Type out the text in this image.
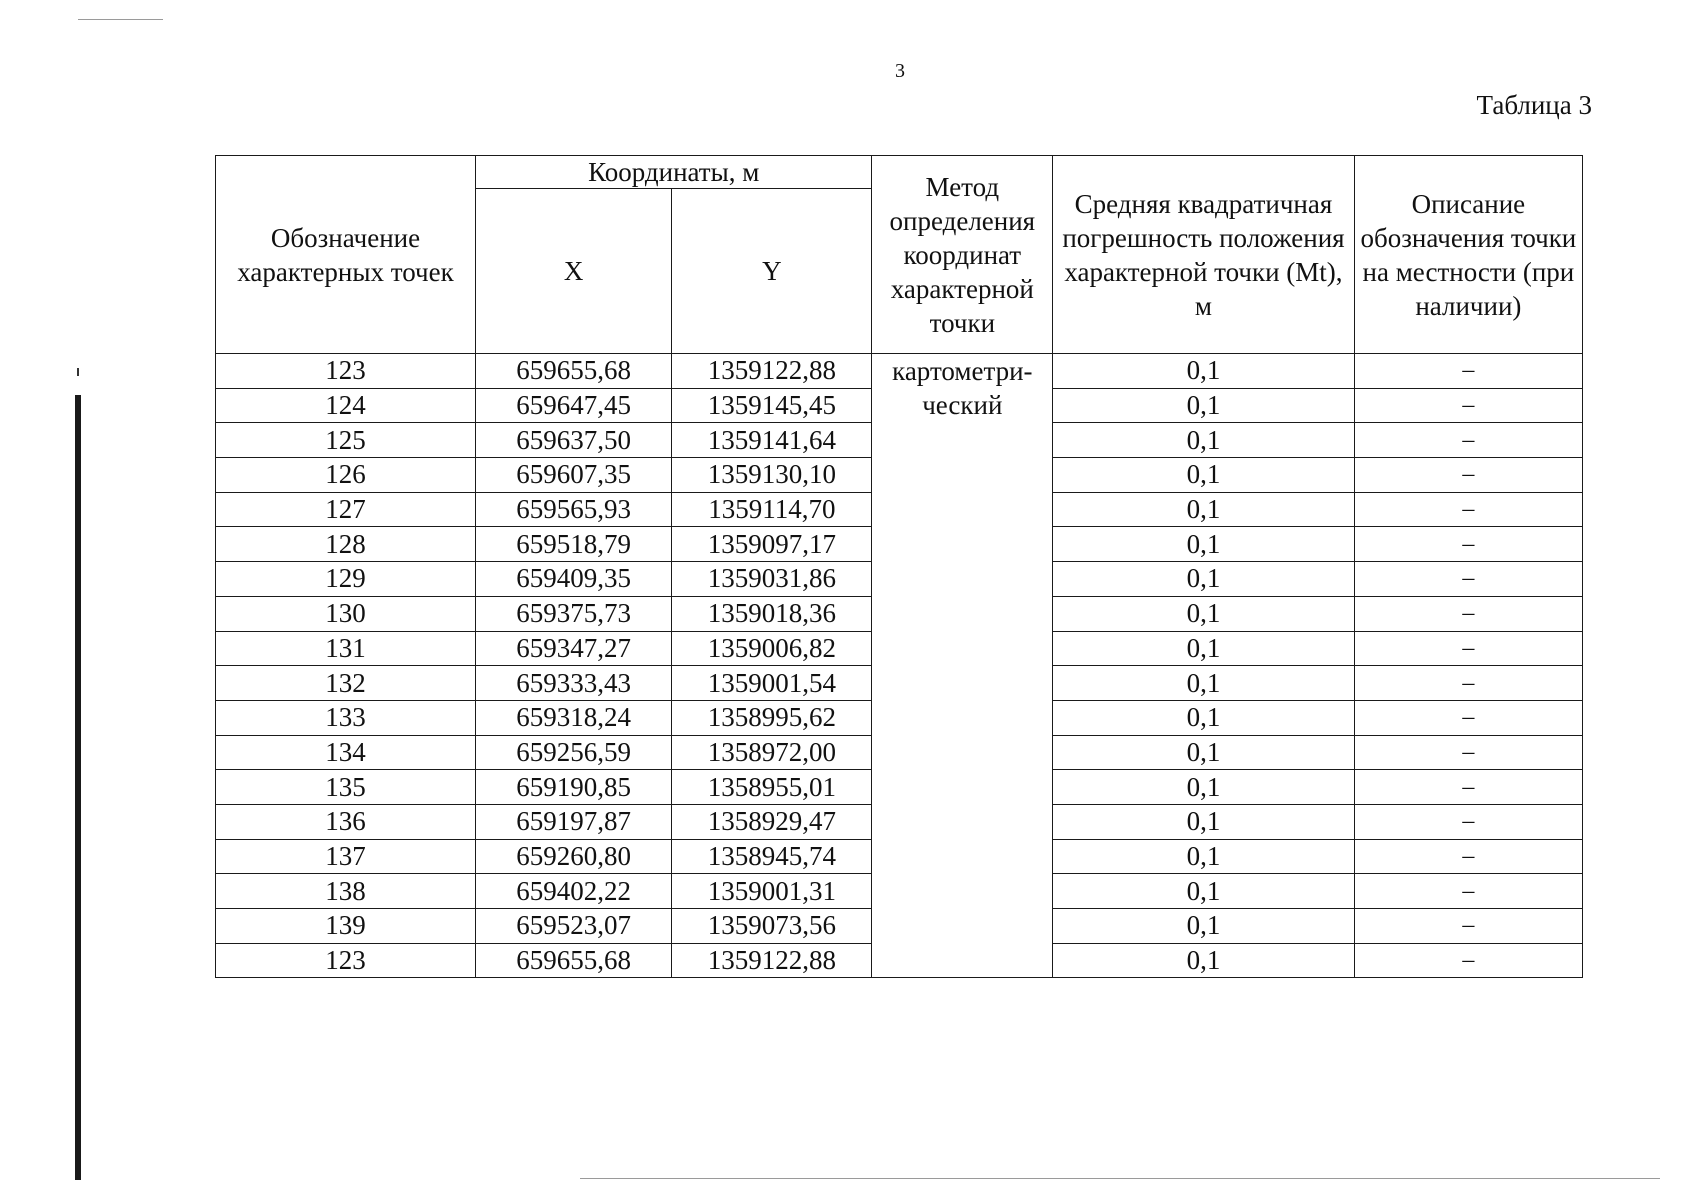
3
Таблица 3
Обозначение характерных точек	Координаты, м		Метод определения координат характерной точки	Средняя квадратичная погрешность положения характерной точки (Mt), м	Описание обозначения точки на местности (при наличии)
	X	Y			
123	659655,68	1359122,88	картометри- ческий	0,1	–
124	659647,45	1359145,45		0,1	–
125	659637,50	1359141,64		0,1	–
126	659607,35	1359130,10		0,1	–
127	659565,93	1359114,70		0,1	–
128	659518,79	1359097,17		0,1	–
129	659409,35	1359031,86		0,1	–
130	659375,73	1359018,36		0,1	–
131	659347,27	1359006,82		0,1	–
132	659333,43	1359001,54		0,1	–
133	659318,24	1358995,62		0,1	–
134	659256,59	1358972,00		0,1	–
135	659190,85	1358955,01		0,1	–
136	659197,87	1358929,47		0,1	–
137	659260,80	1358945,74		0,1	–
138	659402,22	1359001,31		0,1	–
139	659523,07	1359073,56		0,1	–
123	659655,68	1359122,88		0,1	–
